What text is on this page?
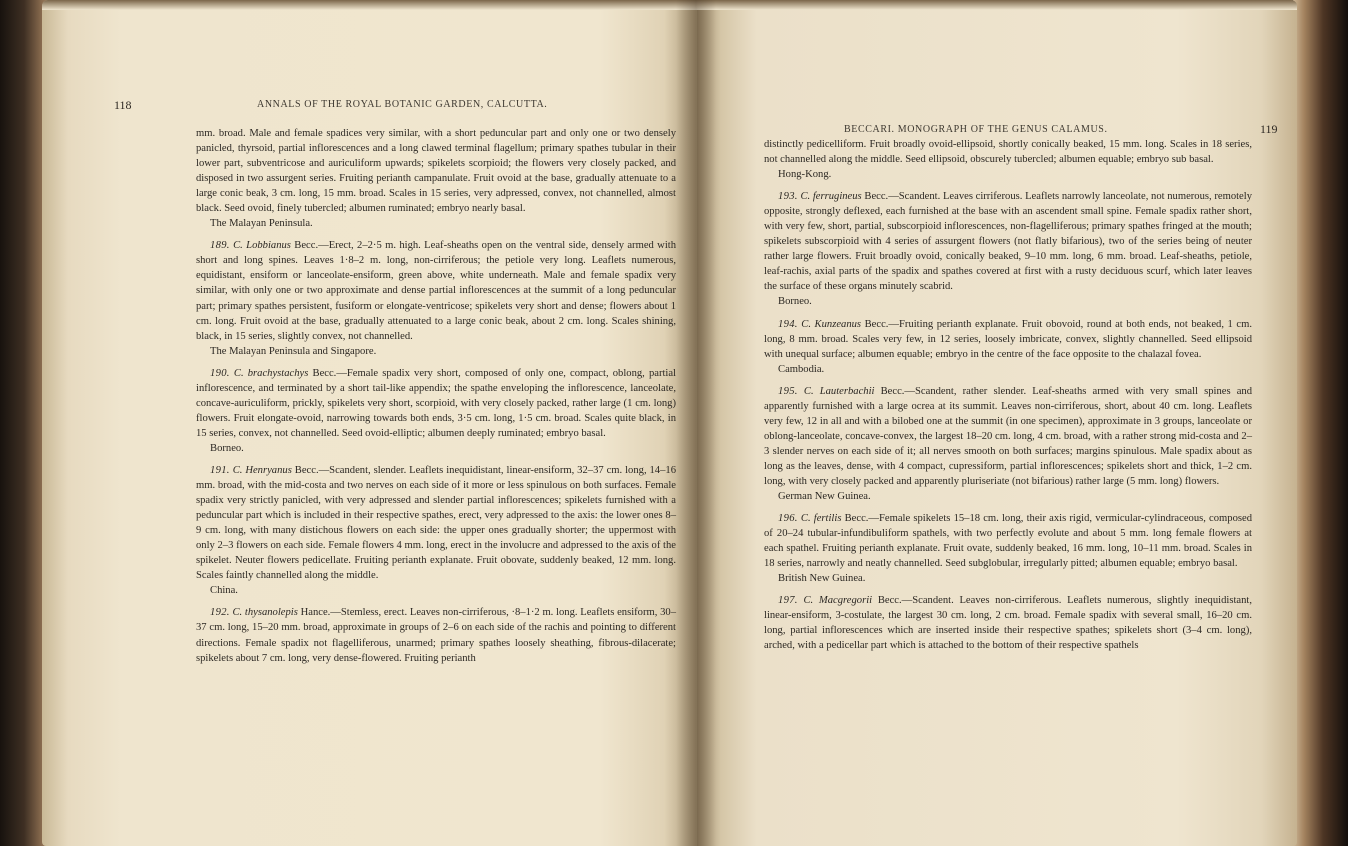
118	ANNALS OF THE ROYAL BOTANIC GARDEN, CALCUTTA.

mm. broad. Male and female spadices very similar, with a short peduncular part and only one or two densely panicled, thyrsoid, partial inflorescences and a long clawed terminal flagellum; primary spathes tubular in their lower part, subventricose and auriculiform upwards; spikelets scorpioid; the flowers very closely packed, and disposed in two assurgent series. Fruiting perianth campanulate. Fruit ovoid at the base, gradually attenuate to a large conic beak, 3 cm. long, 15 mm. broad. Scales in 15 series, very adpressed, convex, not channelled, almost black. Seed ovoid, finely tubercled; albumen ruminated; embryo nearly basal.

The Malayan Peninsula.

189. C. Lobbianus Becc.—Erect, 2–2·5 m. high. Leaf-sheaths open on the ventral side, densely armed with short and long spines. Leaves 1·8–2 m. long, non-cirriferous; the petiole very long. Leaflets numerous, equidistant, ensiform or lanceolate-ensiform, green above, white underneath. Male and female spadix very similar, with only one or two approximate and dense partial inflorescences at the summit of a long peduncular part; primary spathes persistent, fusiform or elongate-ventricose; spikelets very short and dense; flowers about 1 cm. long. Fruit ovoid at the base, gradually attenuated to a large conic beak, about 2 cm. long. Scales shining, black, in 15 series, slightly convex, not channelled.

The Malayan Peninsula and Singapore.

190. C. brachystachys Becc.—Female spadix very short, composed of only one, compact, oblong, partial inflorescence, and terminated by a short tail-like appendix; the spathe enveloping the inflorescence, lanceolate, concave-auriculiform, prickly, spikelets very short, scorpioid, with very closely packed, rather large (1 cm. long) flowers. Fruit elongate-ovoid, narrowing towards both ends, 3·5 cm. long, 1·5 cm. broad. Scales quite black, in 15 series, convex, not channelled. Seed ovoid-elliptic; albumen deeply ruminated; embryo basal.

Borneo.

191. C. Henryanus Becc.—Scandent, slender. Leaflets inequidistant, linear-ensiform, 32–37 cm. long, 14–16 mm. broad, with the mid-costa and two nerves on each side of it more or less spinulous on both surfaces. Female spadix very strictly panicled, with very adpressed and slender partial inflorescences; spikelets furnished with a peduncular part which is included in their respective spathes, erect, very adpressed to the axis: the lower ones 8–9 cm. long, with many distichous flowers on each side: the upper ones gradually shorter; the uppermost with only 2–3 flowers on each side. Female flowers 4 mm. long, erect in the involucre and adpressed to the axis of the spikelet. Neuter flowers pedicellate. Fruiting perianth explanate. Fruit obovate, suddenly beaked, 12 mm. long. Scales faintly channelled along the middle.

China.

192. C. thysanolepis Hance.—Stemless, erect. Leaves non-cirriferous, ·8–1·2 m. long. Leaflets ensiform, 30–37 cm. long, 15–20 mm. broad, approximate in groups of 2–6 on each side of the rachis and pointing to different directions. Female spadix not flagelliferous, unarmed; primary spathes loosely sheathing, fibrous-dilacerate; spikelets about 7 cm. long, very dense-flowered. Fruiting perianth

BECCARI. MONOGRAPH OF THE GENUS CALAMUS.	119

distinctly pedicelliform. Fruit broadly ovoid-ellipsoid, shortly conically beaked, 15 mm. long. Scales in 18 series, not channelled along the middle. Seed ellipsoid, obscurely tubercled; albumen equable; embryo sub basal.

Hong-Kong.

193. C. ferrugineus Becc.—Scandent. Leaves cirriferous. Leaflets narrowly lanceolate, not numerous, remotely opposite, strongly deflexed, each furnished at the base with an ascendent small spine. Female spadix rather short, with very few, short, partial, subscorpioid inflorescences, non-flagelliferous; primary spathes fringed at the mouth; spikelets subscorpioid with 4 series of assurgent flowers (not flatly bifarious), two of the series being of neuter rather large flowers. Fruit broadly ovoid, conically beaked, 9–10 mm. long, 6 mm. broad. Leaf-sheaths, petiole, leaf-rachis, axial parts of the spadix and spathes covered at first with a rusty deciduous scurf, which later leaves the surface of these organs minutely scabrid.

Borneo.

194. C. Kunzeanus Becc.—Fruiting perianth explanate. Fruit obovoid, round at both ends, not beaked, 1 cm. long, 8 mm. broad. Scales very few, in 12 series, loosely imbricate, convex, slightly channelled. Seed ellipsoid with unequal surface; albumen equable; embryo in the centre of the face opposite to the chalazal fovea.

Cambodia.

195. C. Lauterbachii Becc.—Scandent, rather slender. Leaf-sheaths armed with very small spines and apparently furnished with a large ocrea at its summit. Leaves non-cirriferous, short, about 40 cm. long. Leaflets very few, 12 in all and with a bilobed one at the summit (in one specimen), approximate in 3 groups, lanceolate or oblong-lanceolate, concave-convex, the largest 18–20 cm. long, 4 cm. broad, with a rather strong mid-costa and 2–3 slender nerves on each side of it; all nerves smooth on both surfaces; margins spinulous. Male spadix about as long as the leaves, dense, with 4 compact, cupressiform, partial inflorescences; spikelets short and thick, 1–2 cm. long, with very closely packed and apparently pluriseriate (not bifarious) rather large (5 mm. long) flowers.

German New Guinea.

196. C. fertilis Becc.—Female spikelets 15–18 cm. long, their axis rigid, vermicular-cylindraceous, composed of 20–24 tubular-infundibuliform spathels, with two perfectly evolute and about 5 mm. long female flowers at each spathel. Fruiting perianth explanate. Fruit ovate, suddenly beaked, 16 mm. long, 10–11 mm. broad. Scales in 18 series, narrowly and neatly channelled. Seed subglobular, irregularly pitted; albumen equable; embryo basal.

British New Guinea.

197. C. Macgregorii Becc.—Scandent. Leaves non-cirriferous. Leaflets numerous, slightly inequidistant, linear-ensiform, 3-costulate, the largest 30 cm. long, 2 cm. broad. Female spadix with several small, 16–20 cm. long, partial inflorescences which are inserted inside their respective spathes; spikelets short (3–4 cm. long), arched, with a pedicellar part which is attached to the bottom of their respective spathels
